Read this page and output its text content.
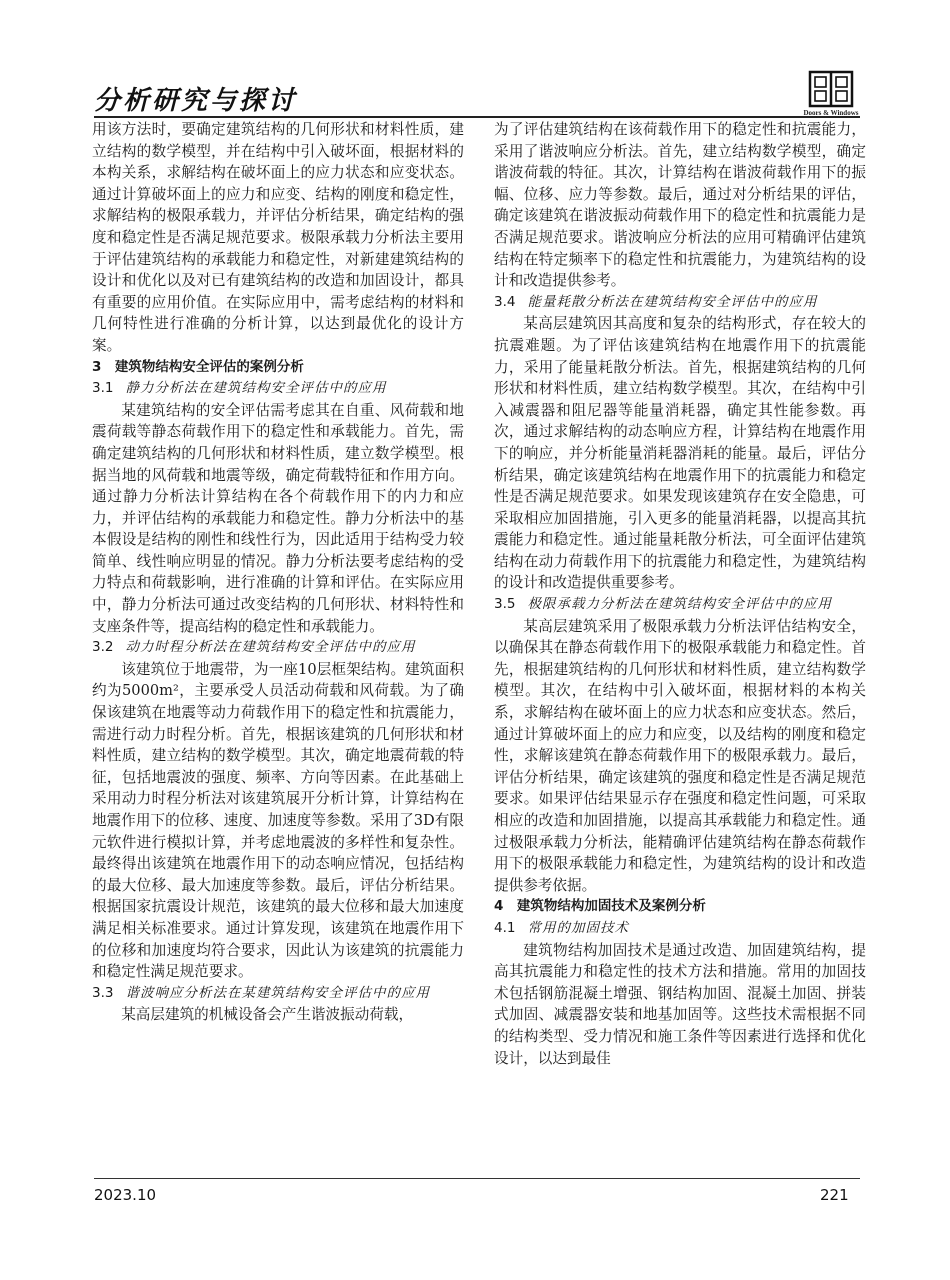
分析研究与探讨	Doors & Windows

用该方法时，要确定建筑结构的几何形状和材料性质，建立结构的数学模型，并在结构中引入破坏面，根据材料的本构关系，求解结构在破坏面上的应力状态和应变状态。通过计算破坏面上的应力和应变、结构的刚度和稳定性，求解结构的极限承载力，并评估分析结果，确定结构的强度和稳定性是否满足规范要求。极限承载力分析法主要用于评估建筑结构的承载能力和稳定性，对新建建筑结构的设计和优化以及对已有建筑结构的改造和加固设计，都具有重要的应用价值。在实际应用中，需考虑结构的材料和几何特性进行准确的分析计算，以达到最优化的设计方案。

3　建筑物结构安全评估的案例分析

3.1 静力分析法在建筑结构安全评估中的应用

某建筑结构的安全评估需考虑其在自重、风荷载和地震荷载等静态荷载作用下的稳定性和承载能力。首先，需确定建筑结构的几何形状和材料性质，建立数学模型。根据当地的风荷载和地震等级，确定荷载特征和作用方向。通过静力分析法计算结构在各个荷载作用下的内力和应力，并评估结构的承载能力和稳定性。静力分析法中的基本假设是结构的刚性和线性行为，因此适用于结构受力较简单、线性响应明显的情况。静力分析法要考虑结构的受力特点和荷载影响，进行准确的计算和评估。在实际应用中，静力分析法可通过改变结构的几何形状、材料特性和支座条件等，提高结构的稳定性和承载能力。

3.2 动力时程分析法在建筑结构安全评估中的应用

该建筑位于地震带，为一座10层框架结构。建筑面积约为5000m²，主要承受人员活动荷载和风荷载。为了确保该建筑在地震等动力荷载作用下的稳定性和抗震能力，需进行动力时程分析。首先，根据该建筑的几何形状和材料性质，建立结构的数学模型。其次，确定地震荷载的特征，包括地震波的强度、频率、方向等因素。在此基础上采用动力时程分析法对该建筑展开分析计算，计算结构在地震作用下的位移、速度、加速度等参数。采用了3D有限元软件进行模拟计算，并考虑地震波的多样性和复杂性。最终得出该建筑在地震作用下的动态响应情况，包括结构的最大位移、最大加速度等参数。最后，评估分析结果。根据国家抗震设计规范，该建筑的最大位移和最大加速度满足相关标准要求。通过计算发现，该建筑在地震作用下的位移和加速度均符合要求，因此认为该建筑的抗震能力和稳定性满足规范要求。

3.3 谐波响应分析法在某建筑结构安全评估中的应用

某高层建筑的机械设备会产生谐波振动荷载，

为了评估建筑结构在该荷载作用下的稳定性和抗震能力，采用了谐波响应分析法。首先，建立结构数学模型，确定谐波荷载的特征。其次，计算结构在谐波荷载作用下的振幅、位移、应力等参数。最后，通过对分析结果的评估，确定该建筑在谐波振动荷载作用下的稳定性和抗震能力是否满足规范要求。谐波响应分析法的应用可精确评估建筑结构在特定频率下的稳定性和抗震能力，为建筑结构的设计和改造提供参考。

3.4 能量耗散分析法在建筑结构安全评估中的应用

某高层建筑因其高度和复杂的结构形式，存在较大的抗震难题。为了评估该建筑结构在地震作用下的抗震能力，采用了能量耗散分析法。首先，根据建筑结构的几何形状和材料性质，建立结构数学模型。其次，在结构中引入减震器和阻尼器等能量消耗器，确定其性能参数。再次，通过求解结构的动态响应方程，计算结构在地震作用下的响应，并分析能量消耗器消耗的能量。最后，评估分析结果，确定该建筑结构在地震作用下的抗震能力和稳定性是否满足规范要求。如果发现该建筑存在安全隐患，可采取相应加固措施，引入更多的能量消耗器，以提高其抗震能力和稳定性。通过能量耗散分析法，可全面评估建筑结构在动力荷载作用下的抗震能力和稳定性，为建筑结构的设计和改造提供重要参考。

3.5 极限承载力分析法在建筑结构安全评估中的应用

某高层建筑采用了极限承载力分析法评估结构安全，以确保其在静态荷载作用下的极限承载能力和稳定性。首先，根据建筑结构的几何形状和材料性质，建立结构数学模型。其次，在结构中引入破坏面，根据材料的本构关系，求解结构在破坏面上的应力状态和应变状态。然后，通过计算破坏面上的应力和应变，以及结构的刚度和稳定性，求解该建筑在静态荷载作用下的极限承载力。最后，评估分析结果，确定该建筑的强度和稳定性是否满足规范要求。如果评估结果显示存在强度和稳定性问题，可采取相应的改造和加固措施，以提高其承载能力和稳定性。通过极限承载力分析法，能精确评估建筑结构在静态荷载作用下的极限承载能力和稳定性，为建筑结构的设计和改造提供参考依据。

4　建筑物结构加固技术及案例分析

4.1 常用的加固技术

建筑物结构加固技术是通过改造、加固建筑结构，提高其抗震能力和稳定性的技术方法和措施。常用的加固技术包括钢筋混凝土增强、钢结构加固、混凝土加固、拼装式加固、减震器安装和地基加固等。这些技术需根据不同的结构类型、受力情况和施工条件等因素进行选择和优化设计，以达到最佳

2023.10	221
